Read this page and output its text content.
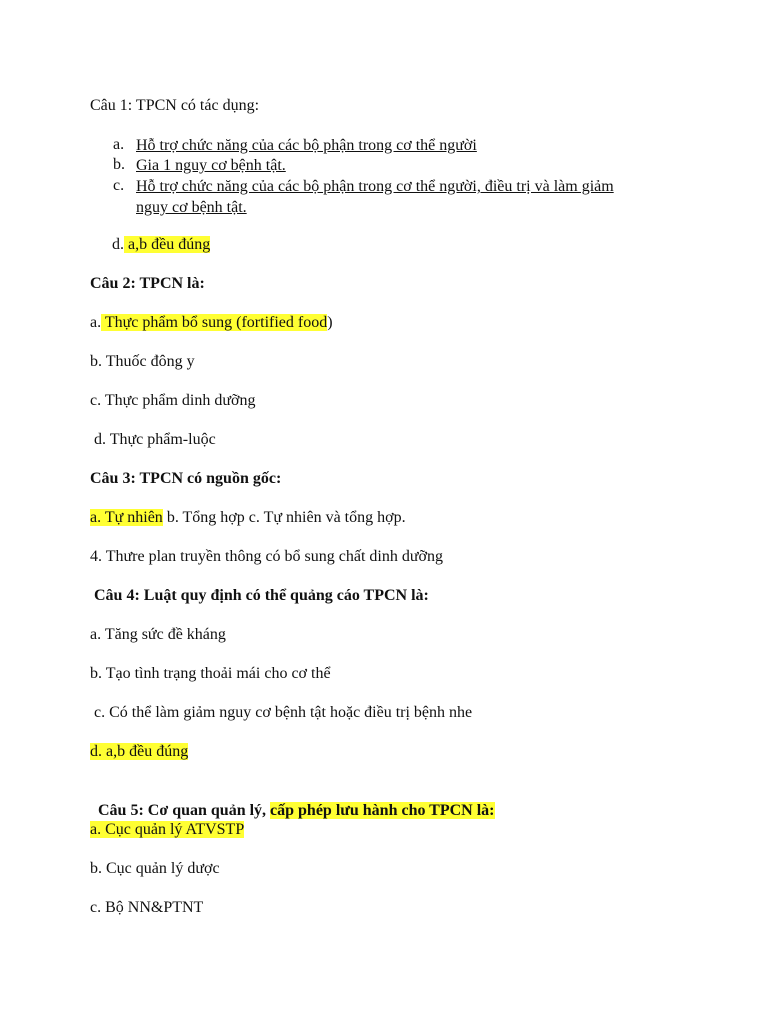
Câu 1: TPCN có tác dụng:
a. Hỗ trợ chức năng của các bộ phận trong cơ thể người
b. Gia 1 nguy cơ bệnh tật.
c. Hỗ trợ chức năng của các bộ phận trong cơ thể người, điều trị và làm giảm
nguy cơ bệnh tật.
d. a,b đều đúng
Câu 2: TPCN là:
a. Thực phẩm bổ sung (fortified food)
b. Thuốc đông y
c. Thực phẩm dinh dưỡng
d. Thực phẩm-luộc
Câu 3: TPCN có nguồn gốc:
a. Tự nhiên b. Tổng hợp c. Tự nhiên và tổng hợp.
4. Thưre plan truyền thông có bổ sung chất dinh dưỡng
Câu 4: Luật quy định có thể quảng cáo TPCN là:
a. Tăng sức đề kháng
b. Tạo tình trạng thoải mái cho cơ thể
c. Có thể làm giảm nguy cơ bệnh tật hoặc điều trị bệnh nhe
d. a,b đều đúng

Câu 5: Cơ quan quản lý, cấp phép lưu hành cho TPCN là:

a. Cục quản lý ATVSTP
b. Cục quản lý dược
c. Bộ NN&PTNT
